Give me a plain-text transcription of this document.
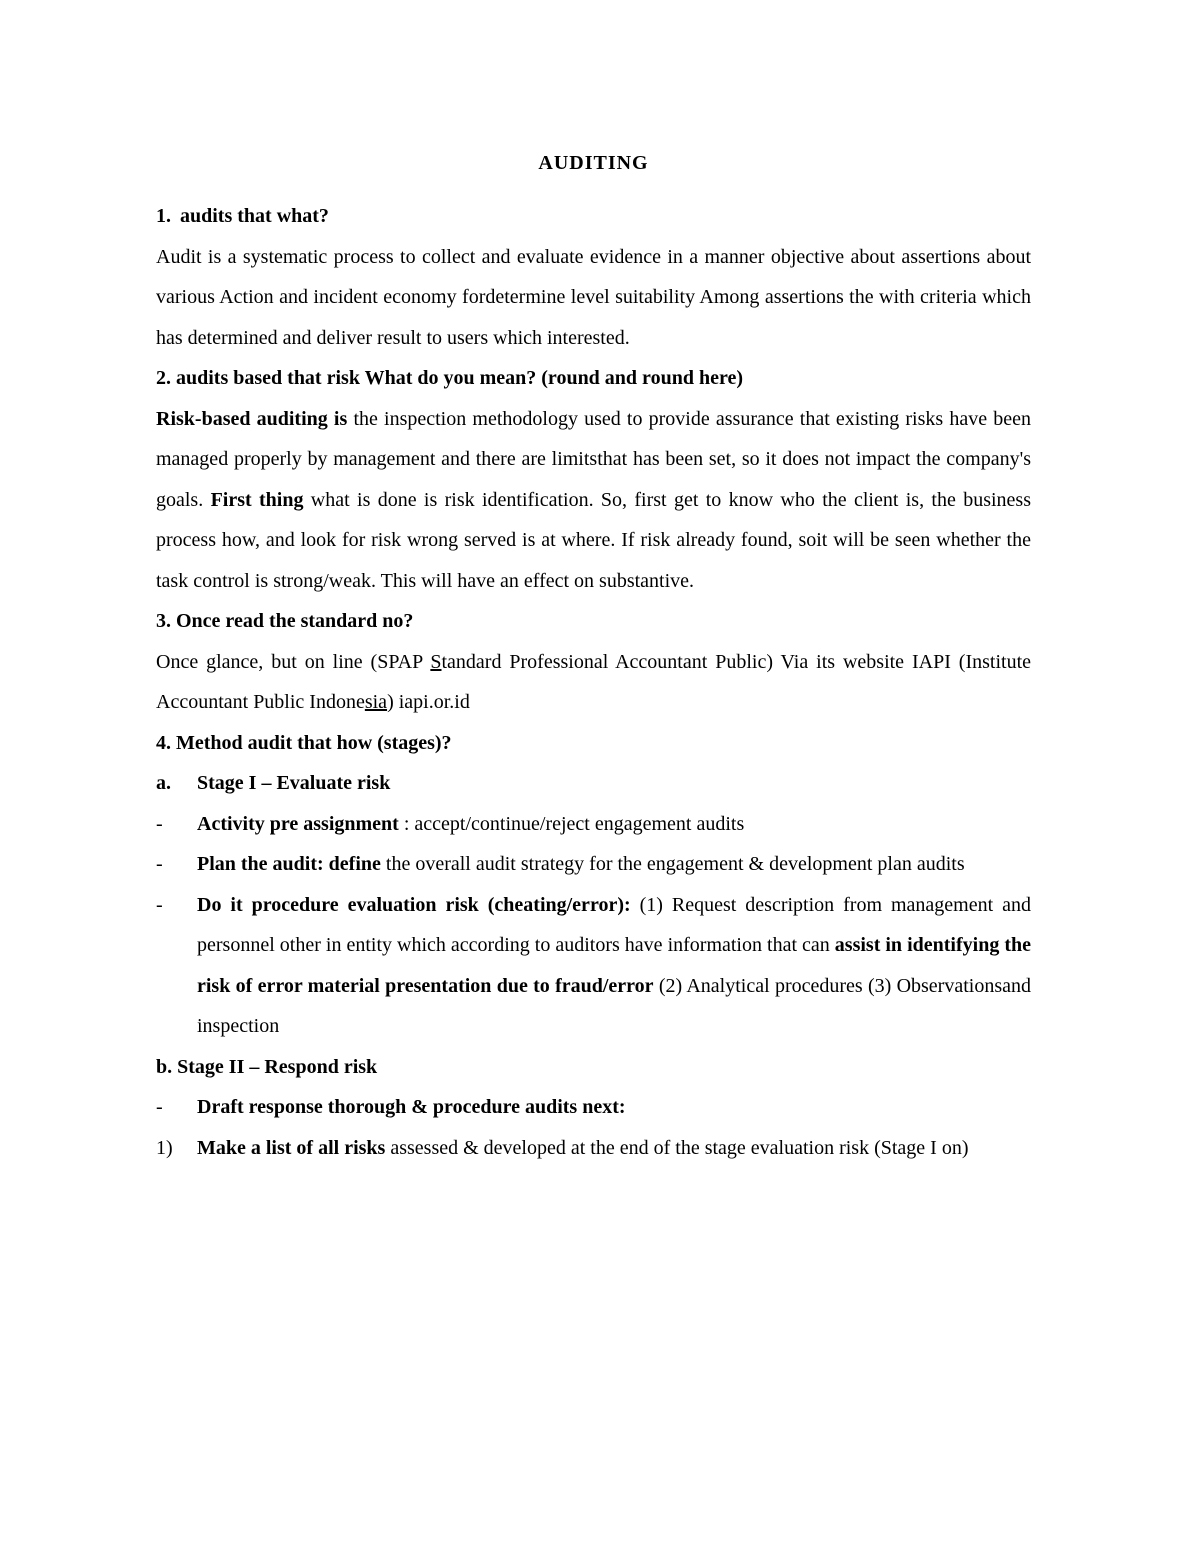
AUDITING

1. audits that what?

Audit is a systematic process to collect and evaluate evidence in a manner objective about assertions about various Action and incident economy fordetermine level suitability Among assertions the with criteria which has determined and deliver result to users which interested.

2. audits based that risk What do you mean? (round and round here)

Risk-based auditing is the inspection methodology used to provide assurance that existing risks have been managed properly by management and there are limitsthat has been set, so it does not impact the company's goals. First thing what is done is risk identification. So, first get to know who the client is, the business process how, and look for risk wrong served is at where. If risk already found, soit will be seen whether the task control is strong/weak. This will have an effect on substantive.

3. Once read the standard no?

Once glance, but on line (SPAP Standard Professional Accountant Public) Via its website IAPI (Institute Accountant Public Indonesia) iapi.or.id

4. Method audit that how (stages)?

a.	Stage I – Evaluate risk
-	Activity pre assignment : accept/continue/reject engagement audits
-	Plan the audit: define the overall audit strategy for the engagement & development plan audits
-	Do it procedure evaluation risk (cheating/error): (1) Request description from management and personnel other in entity which according to auditors have information that can assist in identifying the risk of error material presentation due to fraud/error (2) Analytical procedures (3) Observationsand inspection

b. Stage II – Respond risk

-	Draft response thorough & procedure audits next:
1)	Make a list of all risks assessed & developed at the end of the stage evaluation risk (Stage I on)
